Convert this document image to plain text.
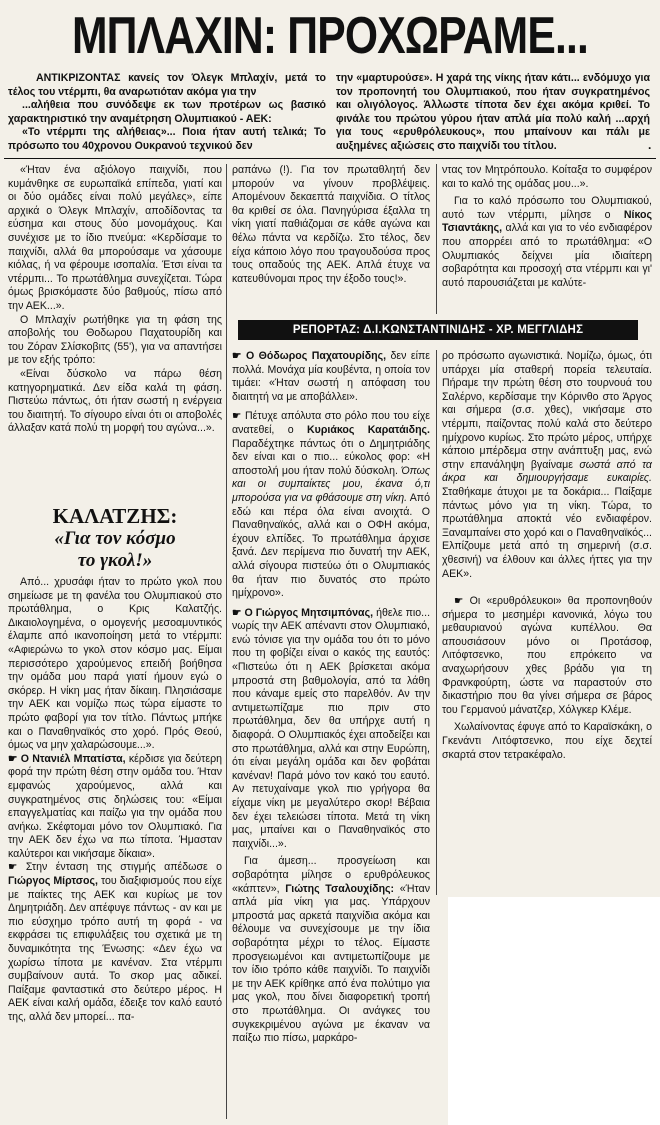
ΜΠΛΑΧΙΝ: ΠΡΟΧΩΡΑΜΕ...

ΑΝΤΙΚΡΙΖΟΝΤΑΣ κανείς τον Όλεγκ Μπλαχίν, μετά το τέλος του ντέρμπι, θα αναρωτιόταν ακόμα για την

...αλήθεια που συνόδεψε εκ των προτέρων ως βασικό χαρακτηριστικό την αναμέτρηση Ολυμπιακού - ΑΕΚ:

«Το ντέρμπι της αλήθειας»... Ποια ήταν αυτή τελικά; Το πρόσωπο του 40χρονου Ουκρανού τεχνικού δεν

την «μαρτυρούσε». Η χαρά της νίκης ήταν κάτι... ενδόμυχο για τον προπονητή του Ολυμπιακού, που ήταν συγκρατημένος και ολιγόλογος. Άλλωστε τίποτα δεν έχει ακόμα κριθεί. Το φινάλε του πρώτου γύρου ήταν απλά μία πολύ καλή ...αρχή για τους «ερυθρόλευκους», που μπαίνουν και πάλι με αυξημένες αξιώσεις στο παιχνίδι του τίτλου.	.

«Ήταν ένα αξιόλογο παιχνίδι, που κυμάνθηκε σε ευρωπαϊκά επίπεδα, γιατί και οι δύο ομάδες είναι πολύ μεγάλες», είπε αρχικά ο Όλεγκ Μπλαχίν, αποδίδοντας τα εύσημα και στους δύο μονομάχους. Και συνέχισε με το ίδιο πνεύμα: «Κερδίσαμε το παιχνίδι, αλλά θα μπορούσαμε να χάσουμε κιόλας, ή να φέρουμε ισοπαλία. Έτσι είναι τα ντέρμπι... Το πρωτάθλημα συνεχίζεται. Τώρα όμως βρισκόμαστε δύο βαθμούς, πίσω από την ΑΕΚ...».

Ο Μπλαχίν ρωτήθηκε για τη φάση της αποβολής του Θοδωρου Παχατουρίδη και του Ζόραν Σλίσκοβιτς (55'), για να απαντήσει με τον εξής τρόπο:

«Είναι δύσκολο να πάρω θέση κατηγορηματικά. Δεν είδα καλά τη φάση. Πιστεύω πάντως, ότι ήταν σωστή η ενέργεια του διαιτητή. Το σίγουρο είναι ότι οι αποβολές άλλαξαν κατά πολύ τη μορφή του αγώνα...».

ΚΑΛΑΤΖΗΣ:
«Για τον κόσμο
το γκολ!»

Από... χρυσάφι ήταν το πρώτο γκολ που σημείωσε με τη φανέλα του Ολυμπιακού στο πρωτάθλημα, ο Κρις Καλατζής. Δικαιολογημένα, ο ομογενής μεσοαμυντικός έλαμπε από ικανοποίηση μετά το ντέρμπι: «Αφιερώνω το γκολ στον κόσμο μας. Είμαι περισσότερο χαρούμενος επειδή βοήθησα την ομάδα μου παρά γιατί ήμουν εγώ ο σκόρερ. Η νίκη μας ήταν δίκαιη. Πλησιάσαμε την ΑΕΚ και νομίζω πως τώρα είμαστε το πρώτο φαβορί για τον τίτλο. Πάντως μπήκε και ο Παναθηναϊκός στο χορό. Πρός Θεού, όμως να μην χαλαρώσουμε...».

☛ Ο Ντανιέλ Μπατίστα, κέρδισε για δεύτερη φορά την πρώτη θέση στην ομάδα του. Ήταν εμφανώς χαρούμενος, αλλά και συγκρατημένος στις δηλώσεις του: «Είμαι επαγγελματίας και παίζω για την ομάδα που ανήκω. Σκέφτομαι μόνο τον Ολυμπιακό. Για την ΑΕΚ δεν έχω να πω τίποτα. Ήμασταν καλύτεροι και νικήσαμε δίκαια».

☛ Στην ένταση της στιγμής απέδωσε ο Γιώργος Μίρτσος, του διαξιφισμούς που είχε με παίκτες της ΑΕΚ και κυρίως με τον Δημητριάδη. Δεν απέφυγε πάντως - αν και με πιο εύσχημο τρόπο αυτή τη φορά - να εκφράσει τις επιφυλάξεις του σχετικά με τη δυναμικότητα της Ένωσης: «Δεν έχω να χωρίσω τίποτα με κανέναν. Στα ντέρμπι συμβαίνουν αυτά. Το σκορ μας αδικεί. Παίξαμε φανταστικά στο δεύτερο μέρος. Η ΑΕΚ είναι καλή ομάδα, έδειξε τον καλό εαυτό της, αλλά δεν μπορεί... πα-

ραπάνω (!). Για τον πρωταθλητή δεν μπορούν να γίνουν προβλέψεις. Απομένουν δεκαεπτά παιχνίδια. Ο τίτλος θα κριθεί σε όλα. Πανηγύρισα έξαλλα τη νίκη γιατί παθιάζομαι σε κάθε αγώνα και θέλω πάντα να κερδίζω. Στο τέλος, δεν είχα κάποιο λόγο που τραγουδούσα προς τους οπαδούς της ΑΕΚ. Απλά έτυχε να κατευθύνομαι προς την έξοδο τους!».

ντας τον Μητρόπουλο. Κοίταξα το συμφέρον και το καλό της ομάδας μου...».

Για το καλό πρόσωπο του Ολυμπιακού, αυτό των ντέρμπι, μίλησε ο Νίκος Τσιαντάκης, αλλά και για το νέο ενδιαφέρον που απορρέει από το πρωτάθλημα: «Ο Ολυμπιακός δείχνει μία ιδιαίτερη σοβαρότητα και προσοχή στα ντέρμπι και γι' αυτό παρουσιάζεται με καλύτε-

ΡΕΠΟΡΤΑΖ: Δ.Ι.ΚΩΝΣΤΑΝΤΙΝΙΔΗΣ - ΧΡ. ΜΕΓΓΛΙΔΗΣ

☛ Ο Θόδωρος Παχατουρίδης, δεν είπε πολλά. Μονάχα μία κουβέντα, η οποία τον τιμάει: «Ήταν σωστή η απόφαση του διαιτητή να με αποβάλλει».

☛ Πέτυχε απόλυτα στο ρόλο που του είχε ανατεθεί, ο Κυριάκος Καρατάιδης. Παραδέχτηκε πάντως ότι ο Δημητριάδης δεν είναι και ο πιο... εύκολος φορ: «Η αποστολή μου ήταν πολύ δύσκολη. Όπως και οι συμπαίκτες μου, έκανα ό,τι μπορούσα για να φθάσουμε στη νίκη. Από εδώ και πέρα όλα είναι ανοιχτά. Ο Παναθηναϊκός, αλλά και ο ΟΦΗ ακόμα, έχουν ελπίδες. Το πρωτάθλημα άρχισε ξανά. Δεν περίμενα πιο δυνατή την ΑΕΚ, αλλά σίγουρα πιστεύω ότι ο Ολυμπιακός θα ήταν πιο δυνατός στο πρώτο ημίχρονο».

☛ Ο Γιώργος Μητσιμπόνας, ήθελε πιο... νωρίς την ΑΕΚ απέναντι στον Ολυμπιακό, ενώ τόνισε για την ομάδα του ότι το μόνο που τη φοβίζει είναι ο κακός της εαυτός: «Πιστεύω ότι η ΑΕΚ βρίσκεται ακόμα μπροστά στη βαθμολογία, από τα λάθη που κάναμε εμείς στο παρελθόν. Αν την αντιμετωπίζαμε πιο πριν στο πρωτάθλημα, δεν θα υπήρχε αυτή η διαφορά. Ο Ολυμπιακός έχει αποδείξει και στο πρωτάθλημα, αλλά και στην Ευρώπη, ότι είναι μεγάλη ομάδα και δεν φοβάται κανέναν! Παρά μόνο τον κακό του εαυτό. Αν πετυχαίναμε γκολ πιο γρήγορα θα είχαμε νίκη με μεγαλύτερο σκορ! Βέβαια δεν έχει τελειώσει τίποτα. Μετά τη νίκη μας, μπαίνει και ο Παναθηναϊκός στο παιχνίδι...».

Για άμεση... προσγείωση και σοβαρότητα μίλησε ο ερυθρόλευκος «κάπτεν», Γιώτης Τσαλουχίδης: «Ήταν απλά μία νίκη για μας. Υπάρχουν μπροστά μας αρκετά παιχνίδια ακόμα και θέλουμε να συνεχίσουμε με την ίδια σοβαρότητα μέχρι το τέλος. Είμαστε προσγειωμένοι και αντιμετωπίζουμε με τον ίδιο τρόπο κάθε παιχνίδι. Το παιχνίδι με την ΑΕΚ κρίθηκε από ένα πολύτιμο για μας γκολ, που δίνει διαφορετική τροπή στο πρωτάθλημα. Οι ανάγκες του συγκεκριμένου αγώνα με έκαναν να παίξω πιο πίσω, μαρκάρο-

ρο πρόσωπο αγωνιστικά. Νομίζω, όμως, ότι υπάρχει μία σταθερή πορεία τελευταία. Πήραμε την πρώτη θέση στο τουρνουά του Σαλέρνο, κερδίσαμε την Κόρινθο στο Άργος και σήμερα (σ.σ. χθες), νικήσαμε στο ντέρμπι, παίζοντας πολύ καλά στο δεύτερο ημίχρονο κυρίως. Στο πρώτο μέρος, υπήρχε κάποιο μπέρδεμα στην ανάπτυξη μας, ενώ στην επανάληψη βγαίναμε σωστά από τα άκρα και δημιουργήσαμε ευκαιρίες. Σταθήκαμε άτυχοι με τα δοκάρια... Παίξαμε πάντως μόνο για τη νίκη. Τώρα, το πρωτάθλημα αποκτά νέο ενδιαφέρον. Ξαναμπαίνει στο χορό και ο Παναθηναϊκός... Ελπίζουμε μετά από τη σημερινή (σ.σ. χθεσινή) να έλθουν και άλλες ήττες για την ΑΕΚ».

☛ Οι «ερυθρόλευκοι» θα προπονηθούν σήμερα το μεσημέρι κανονικά, λόγω του μεθαυριανού αγώνα κυπέλλου. Θα απουσιάσουν μόνο οι Προτάσοφ, Λιτόφτσενκο, που επρόκειτο να αναχωρήσουν χθες βράδυ για τη Φρανκφούρτη, ώστε να παραστούν στο δικαστήριο που θα γίνει σήμερα σε βάρος του Γερμανού μάνατζερ, Χόλγκερ Κλέμε.

Χωλαίνοντας έφυγε από το Καραϊσκάκη, ο Γκενάντι Λιτόφτσενκο, που είχε δεχτεί σκαρτά στον τετρακέφαλο.
